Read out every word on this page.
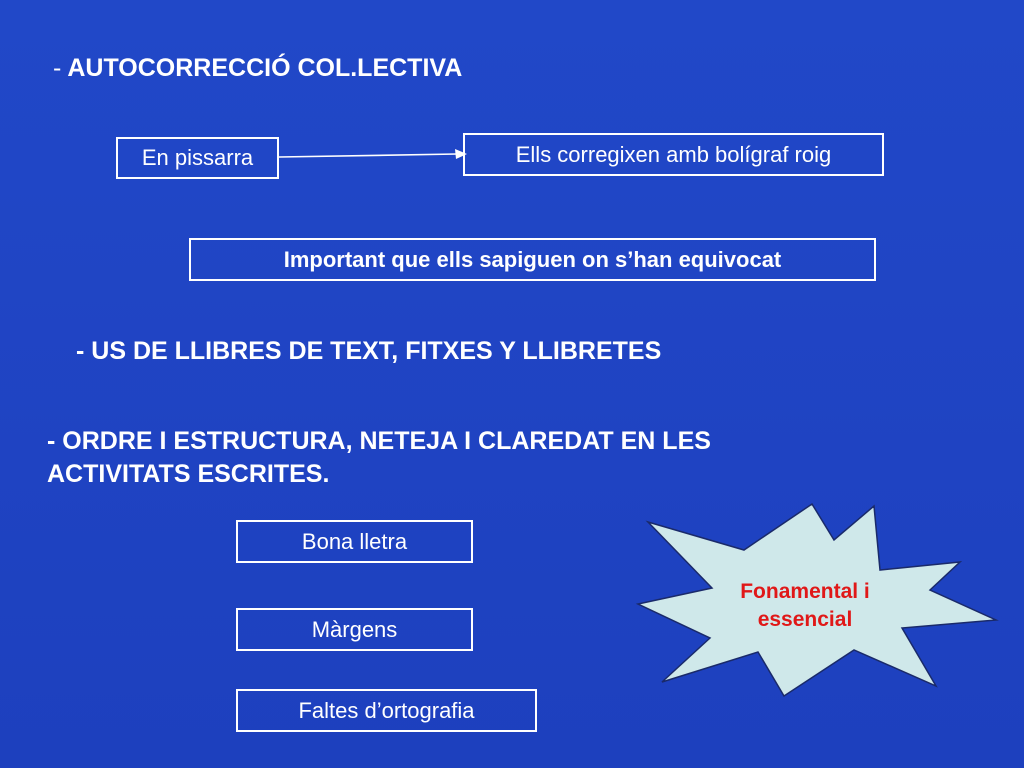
- AUTOCORRECCIÓ COL.LECTIVA
En pissarra	Ells corregixen amb bolígraf roig
Important que ells sapiguen on s’han equivocat
- US DE LLIBRES DE TEXT, FITXES Y LLIBRETES
- ORDRE I ESTRUCTURA, NETEJA I CLAREDAT EN LES ACTIVITATS ESCRITES.
Bona lletra
Màrgens
Faltes d’ortografia
Fonamental i essencial
